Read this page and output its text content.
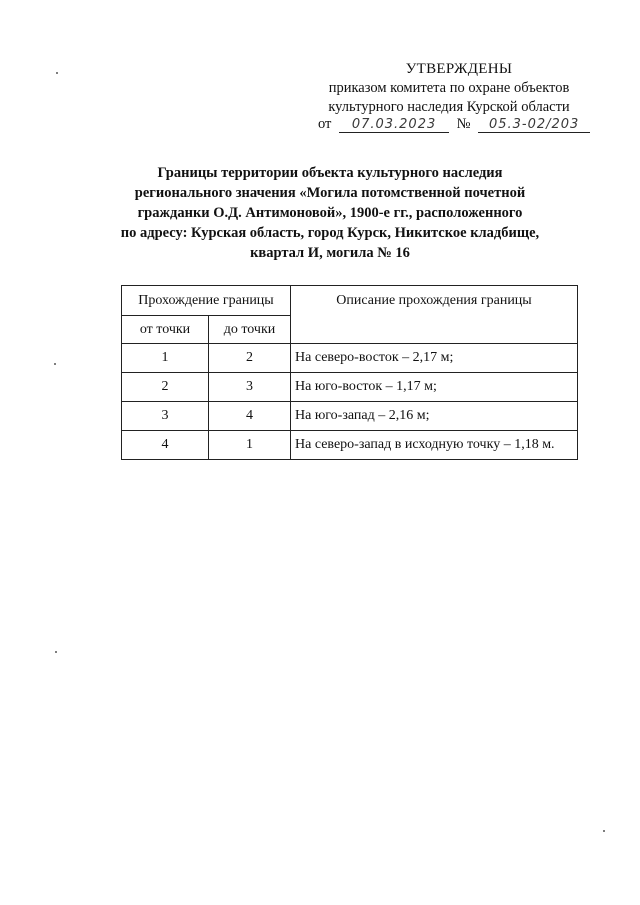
УТВЕРЖДЕНЫ
приказом комитета по охране объектов
культурного наследия Курской области
от 07.03.2023 № 05.3-02/203
Границы территории объекта культурного наследия
регионального значения «Могила потомственной почетной
гражданки О.Д. Антимоновой», 1900-е гг., расположенного
по адресу: Курская область, город Курск, Никитское кладбище,
квартал И, могила № 16
Прохождение границы		Описание прохождения границы
от точки	до точки	
1	2	На северо-восток – 2,17 м;
2	3	На юго-восток – 1,17 м;
3	4	На юго-запад – 2,16 м;
4	1	На северо-запад в исходную точку – 1,18 м.
